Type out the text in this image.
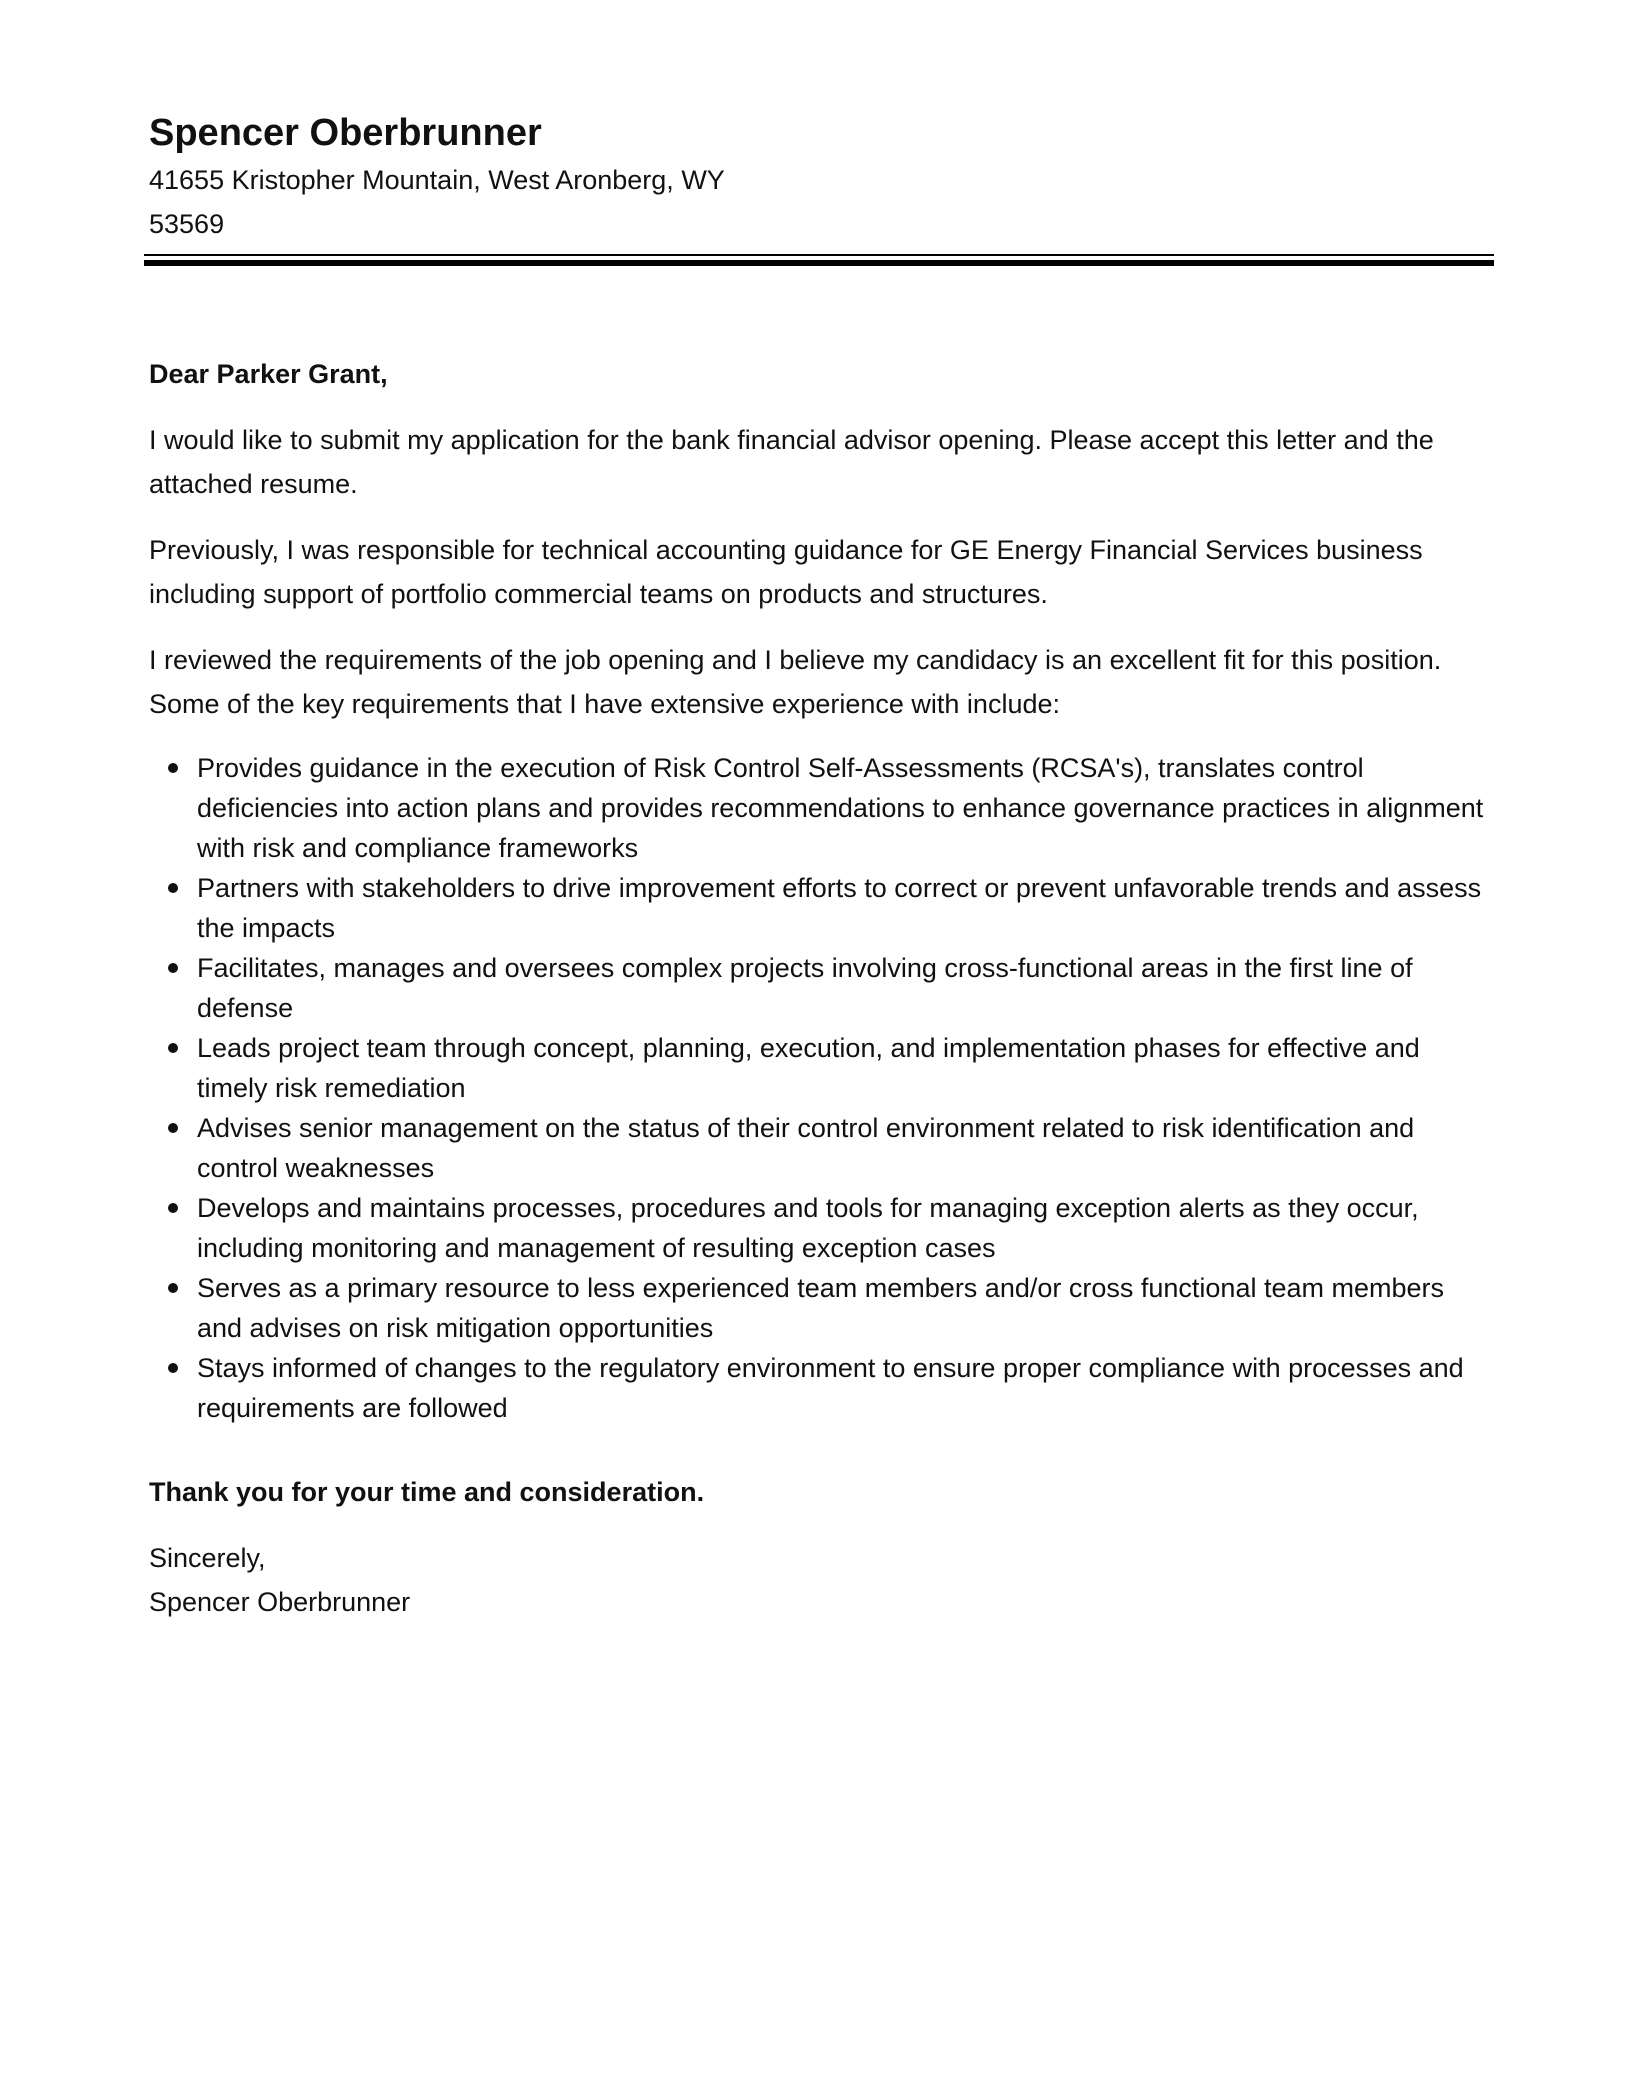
Spencer Oberbrunner

41655 Kristopher Mountain, West Aronberg, WY 53569

Dear Parker Grant,

I would like to submit my application for the bank financial advisor opening. Please accept this letter and the attached resume.

Previously, I was responsible for technical accounting guidance for GE Energy Financial Services business including support of portfolio commercial teams on products and structures.

I reviewed the requirements of the job opening and I believe my candidacy is an excellent fit for this position. Some of the key requirements that I have extensive experience with include:

Provides guidance in the execution of Risk Control Self-Assessments (RCSA's), translates control deficiencies into action plans and provides recommendations to enhance governance practices in alignment with risk and compliance frameworks
Partners with stakeholders to drive improvement efforts to correct or prevent unfavorable trends and assess the impacts
Facilitates, manages and oversees complex projects involving cross-functional areas in the first line of defense
Leads project team through concept, planning, execution, and implementation phases for effective and timely risk remediation
Advises senior management on the status of their control environment related to risk identification and control weaknesses
Develops and maintains processes, procedures and tools for managing exception alerts as they occur, including monitoring and management of resulting exception cases
Serves as a primary resource to less experienced team members and/or cross functional team members and advises on risk mitigation opportunities
Stays informed of changes to the regulatory environment to ensure proper compliance with processes and requirements are followed

Thank you for your time and consideration.

Sincerely,

Spencer Oberbrunner
